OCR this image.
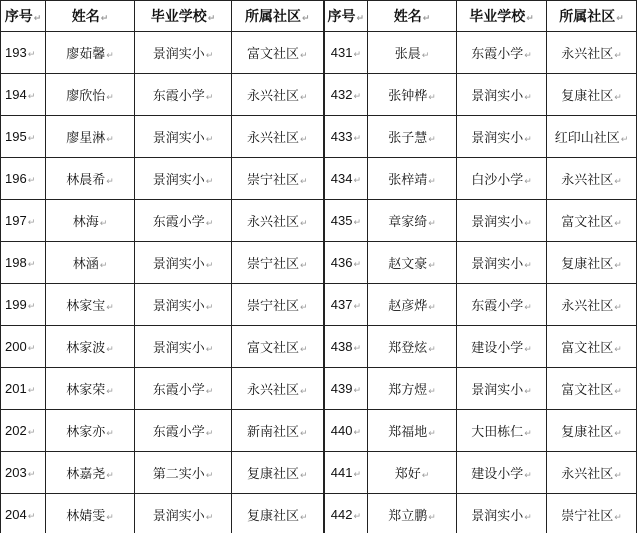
序号↵	姓名↵	毕业学校↵	所属社区↵	序号↵	姓名↵	毕业学校↵	所属社区↵
193↵	廖茹馨↵	景润实小↵	富文社区↵	431↵	张晨↵	东霞小学↵	永兴社区↵
194↵	廖欣怡↵	东霞小学↵	永兴社区↵	432↵	张钟桦↵	景润实小↵	复康社区↵
195↵	廖星淋↵	景润实小↵	永兴社区↵	433↵	张子慧↵	景润实小↵	红印山社区↵
196↵	林晨希↵	景润实小↵	崇宁社区↵	434↵	张梓靖↵	白沙小学↵	永兴社区↵
197↵	林海↵	东霞小学↵	永兴社区↵	435↵	章家绮↵	景润实小↵	富文社区↵
198↵	林涵↵	景润实小↵	崇宁社区↵	436↵	赵文豪↵	景润实小↵	复康社区↵
199↵	林家宝↵	景润实小↵	崇宁社区↵	437↵	赵彦烨↵	东霞小学↵	永兴社区↵
200↵	林家波↵	景润实小↵	富文社区↵	438↵	郑登炫↵	建设小学↵	富文社区↵
201↵	林家荣↵	东霞小学↵	永兴社区↵	439↵	郑方煜↵	景润实小↵	富文社区↵
202↵	林家亦↵	东霞小学↵	新南社区↵	440↵	郑福地↵	大田栋仁↵	复康社区↵
203↵	林嘉尧↵	第二实小↵	复康社区↵	441↵	郑好↵	建设小学↵	永兴社区↵
204↵	林婧雯↵	景润实小↵	复康社区↵	442↵	郑立鹏↵	景润实小↵	崇宁社区↵
